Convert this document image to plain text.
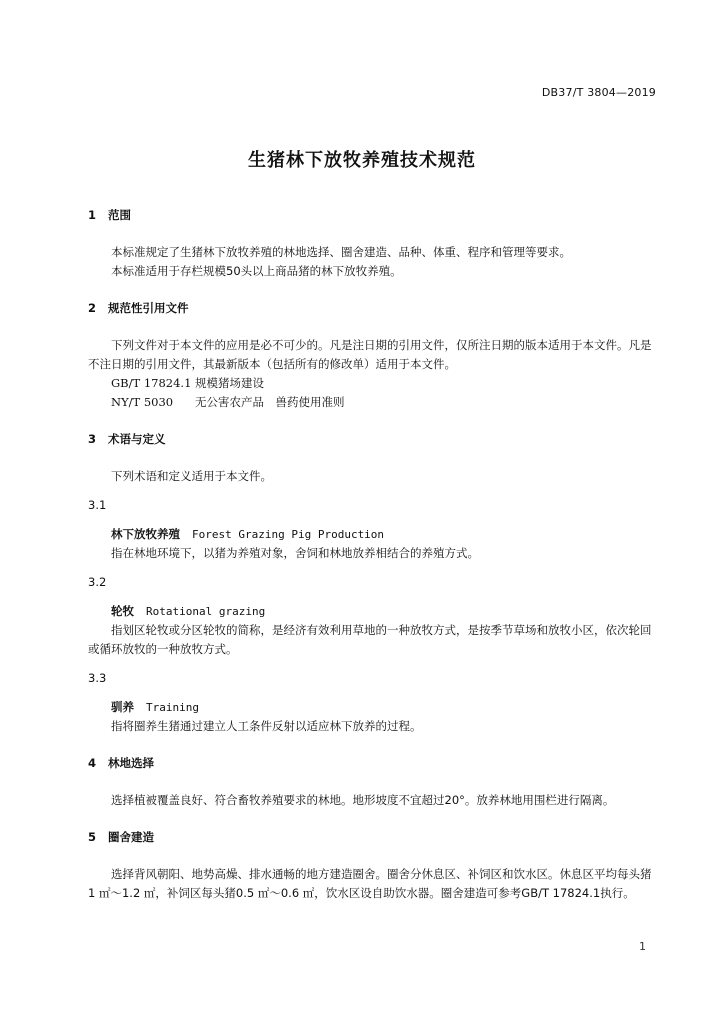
DB37/T 3804—2019
生猪林下放牧养殖技术规范

1 范围

本标准规定了生猪林下放牧养殖的林地选择、圈舍建造、品种、体重、程序和管理等要求。

本标准适用于存栏规模50头以上商品猪的林下放牧养殖。

2 规范性引用文件

下列文件对于本文件的应用是必不可少的。凡是注日期的引用文件，仅所注日期的版本适用于本文件。凡是不注日期的引用文件，其最新版本（包括所有的修改单）适用于本文件。

GB/T 17824.1 规模猪场建设

NY/T 5030 无公害农产品　兽药使用准则

3 术语与定义

下列术语和定义适用于本文件。

3.1

林下放牧养殖 Forest Grazing Pig Production

指在林地环境下，以猪为养殖对象，舍饲和林地放养相结合的养殖方式。

3.2

轮牧 Rotational grazing

指划区轮牧或分区轮牧的简称，是经济有效利用草地的一种放牧方式，是按季节草场和放牧小区，依次轮回或循环放牧的一种放牧方式。

3.3

驯养 Training

指将圈养生猪通过建立人工条件反射以适应林下放养的过程。

4 林地选择

选择植被覆盖良好、符合畜牧养殖要求的林地。地形坡度不宜超过20°。放养林地用围栏进行隔离。

5 圈舍建造

选择背风朝阳、地势高燥、排水通畅的地方建造圈舍。圈舍分休息区、补饲区和饮水区。休息区平均每头猪1 ㎡～1.2 ㎡，补饲区每头猪0.5 ㎡～0.6 ㎡，饮水区设自助饮水器。圈舍建造可参考GB/T 17824.1执行。

1
